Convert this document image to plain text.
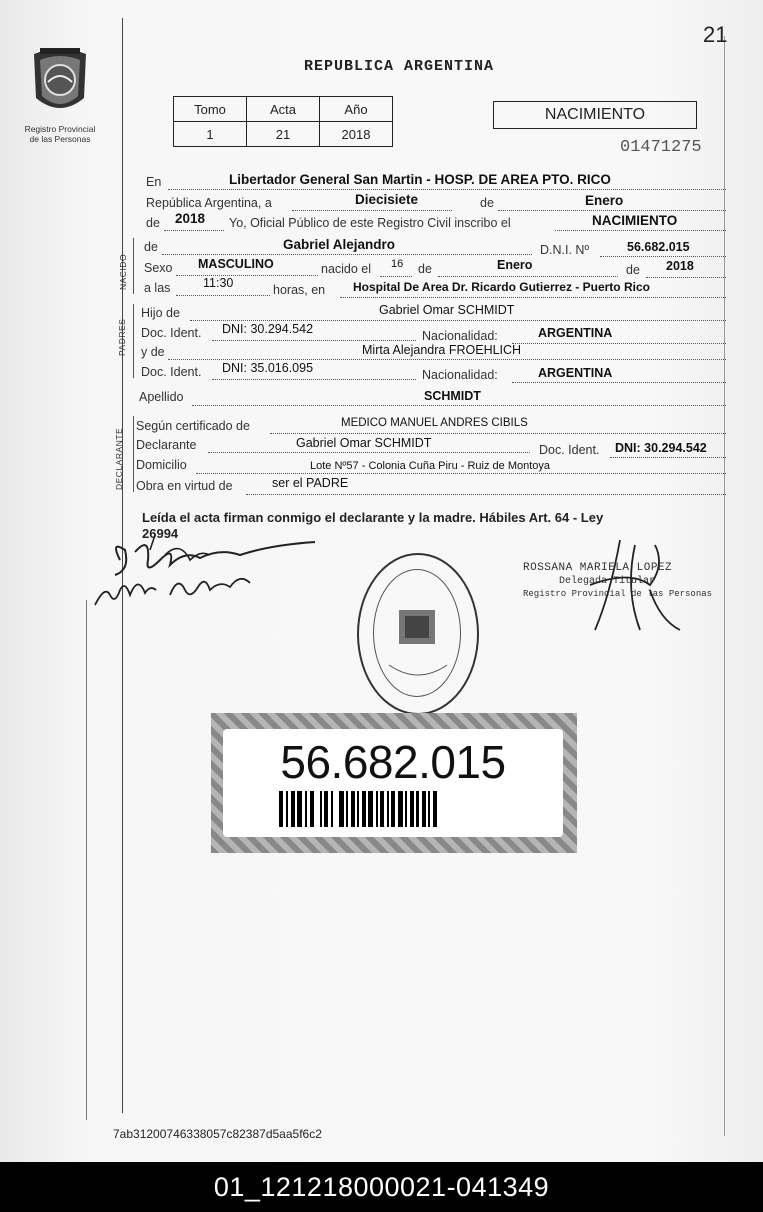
21
Registro Provincial
de las Personas
REPUBLICA ARGENTINA
Tomo	Acta	Año
1	21	2018
NACIMIENTO
01471275
En	Libertador General San Martin - HOSP. DE AREA PTO. RICO
República Argentina, a	Diecisiete	de	Enero
de 2018 Yo, Oficial Público de este Registro Civil inscribo el	NACIMIENTO
NACIDO
de	Gabriel Alejandro	D.N.I. Nº	56.682.015
Sexo MASCULINO	nacido el 16 de	Enero	de 2018
a las	11:30	horas, en Hospital De Area Dr. Ricardo Gutierrez - Puerto Rico
PADRES
Hijo de	Gabriel Omar SCHMIDT
Doc. Ident. DNI: 30.294.542	Nacionalidad:	ARGENTINA
y de	Mirta Alejandra FROEHLICH
Doc. Ident. DNI: 35.016.095	Nacionalidad:	ARGENTINA
Apellido	SCHMIDT
DECLARANTE
Según certificado de	MEDICO MANUEL ANDRES CIBILS
Declarante	Gabriel Omar SCHMIDT	Doc. Ident. DNI: 30.294.542
Domicilio	Lote Nº57 - Colonia Cuña Piru - Ruiz de Montoya
Obra en virtud de	ser el PADRE
Leída el acta firman conmigo el declarante y la madre. Hábiles Art. 64 - Ley
26994
ROSSANA MARIELA LOPEZ
Delegada Titular
Registro Provincial de las Personas
56.682.015
7ab31200746338057c82387d5aa5f6c2
01_121218000021-041349
